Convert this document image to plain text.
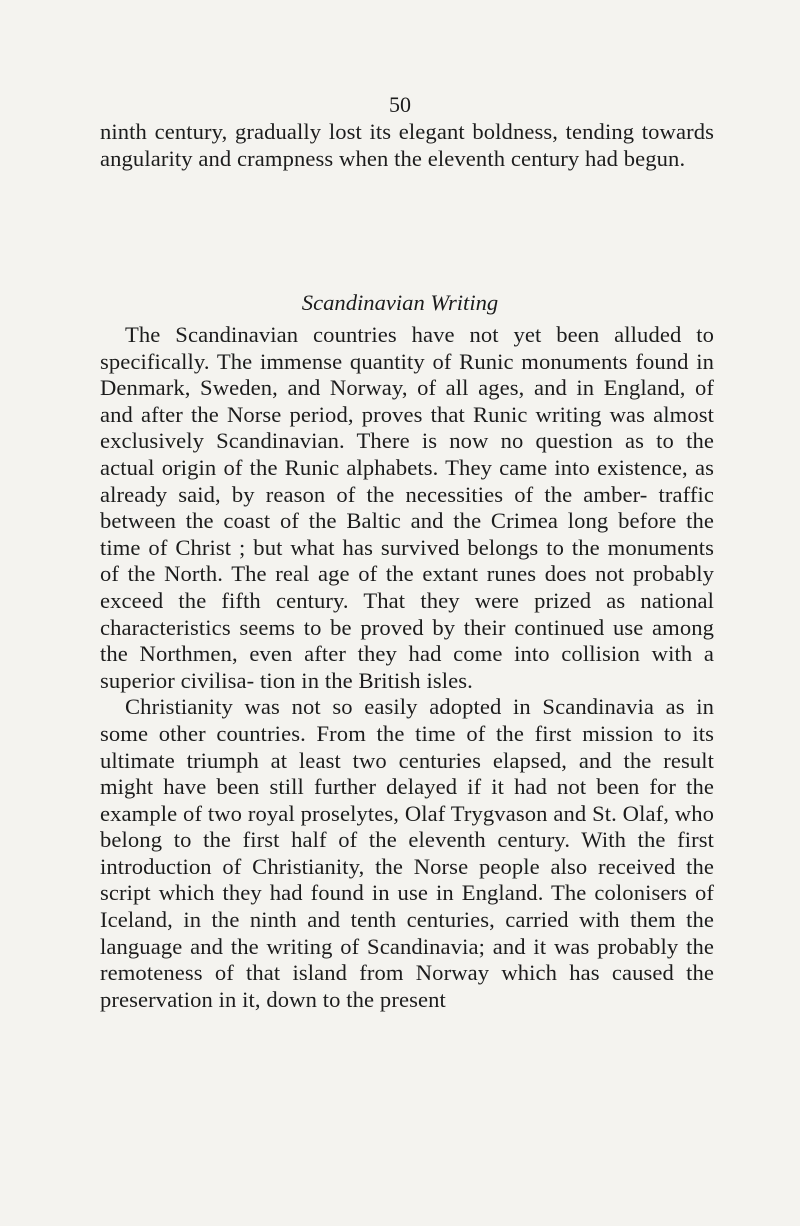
50

ninth century, gradually lost its elegant boldness, tending towards angularity and crampness when the eleventh century had begun.

Scandinavian Writing

The Scandinavian countries have not yet been alluded to specifically. The immense quantity of Runic monuments found in Denmark, Sweden, and Norway, of all ages, and in England, of and after the Norse period, proves that Runic writing was almost exclusively Scandinavian. There is now no question as to the actual origin of the Runic alphabets. They came into existence, as already said, by reason of the necessities of the amber- traffic between the coast of the Baltic and the Crimea long before the time of Christ ; but what has survived belongs to the monuments of the North. The real age of the extant runes does not probably exceed the fifth century. That they were prized as national characteristics seems to be proved by their continued use among the Northmen, even after they had come into collision with a superior civilisa- tion in the British isles.

Christianity was not so easily adopted in Scandinavia as in some other countries. From the time of the first mission to its ultimate triumph at least two centuries elapsed, and the result might have been still further delayed if it had not been for the example of two royal proselytes, Olaf Trygvason and St. Olaf, who belong to the first half of the eleventh century. With the first introduction of Christianity, the Norse people also received the script which they had found in use in England. The colonisers of Iceland, in the ninth and tenth centuries, carried with them the language and the writing of Scandinavia; and it was probably the remoteness of that island from Norway which has caused the preservation in it, down to the present
